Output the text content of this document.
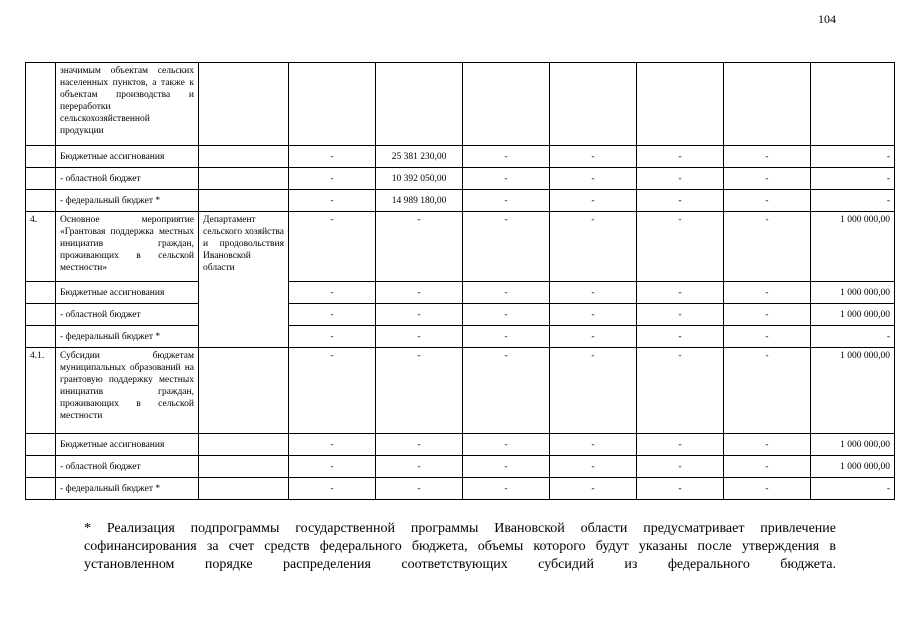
104
	значимым объектам сельских населенных пунктов, а также к объектам производства и переработки сельскохозяйственной продукции								
	Бюджетные ассигнования		-	25 381 230,00	-	-	-	-	-
	- областной бюджет		-	10 392 050,00	-	-	-	-	-
	- федеральный бюджет *		-	14 989 180,00	-	-	-	-	-
4.	Основное мероприятие «Грантовая поддержка местных инициатив граждан, проживающих в сельской местности»	Департамент сельского хозяйства и продовольствия Ивановской области	-	-	-	-	-	-	1 000 000,00
	Бюджетные ассигнования		-	-	-	-	-	-	1 000 000,00
	- областной бюджет		-	-	-	-	-	-	1 000 000,00
	- федеральный бюджет *		-	-	-	-	-	-	-
4.1.	Субсидии бюджетам муниципальных образований на грантовую поддержку местных инициатив граждан, проживающих в сельской местности		-	-	-	-	-	-	1 000 000,00
	Бюджетные ассигнования		-	-	-	-	-	-	1 000 000,00
	- областной бюджет		-	-	-	-	-	-	1 000 000,00
	- федеральный бюджет *		-	-	-	-	-	-	-
* Реализация подпрограммы государственной программы Ивановской области предусматривает привлечение софинансирования за счет средств федерального бюджета, объемы которого будут указаны после утверждения в
установленном порядке распределения соответствующих субсидий из федерального бюджета.
